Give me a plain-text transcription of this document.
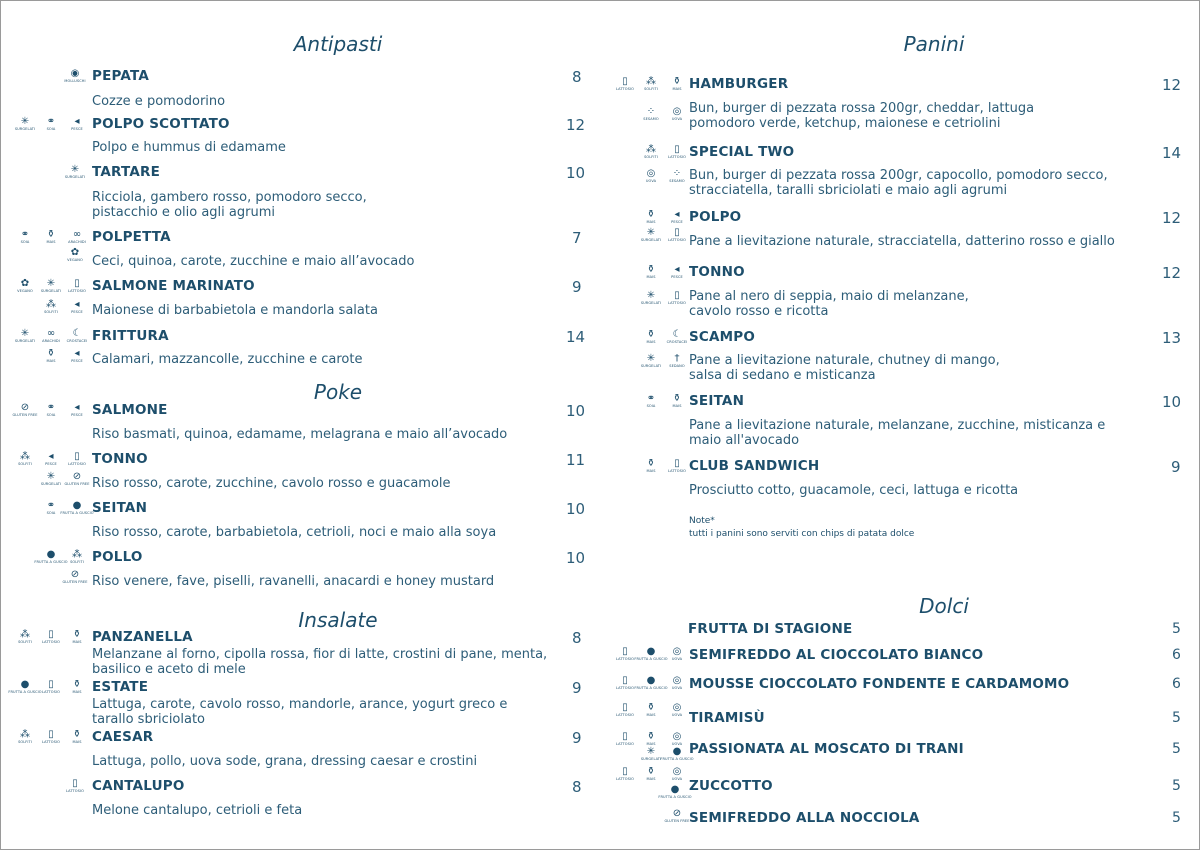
Antipasti
◉
MOLLUSCHI PEPATA	8
Cozze e pomodorino
✳
SURGELATI
⚭
SOIA
◂
PESCE POLPO SCOTTATO	12
Polpo e hummus di edamame
✳
SURGELATI TARTARE	10
Ricciola, gambero rosso, pomodoro secco,
pistacchio e olio agli agrumi
⚭
SOIA
⚱
MAIS
∞
ARACHIDI
✿
VEGANO
POLPETTA	7
Ceci, quinoa, carote, zucchine e maio all’avocado
✿
VEGANO
✳
SURGELATI
▯
LATTOSIO
⁂
SOLFITI
◂
PESCE
SALMONE MARINATO	9
Maionese di barbabietola e mandorla salata
✳
SURGELATI
∞
ARACHIDI
☾
CROSTACEI
⚱
MAIS
◂
PESCE
FRITTURA	14
Calamari, mazzancolle, zucchine e carote
Poke
⊘
GLUTEN FREE
⚭
SOIA
◂
PESCE SALMONE	10
Riso basmati, quinoa, edamame, melagrana e maio all’avocado
⁂
SOLFITI
◂
PESCE
▯
LATTOSIO
✳
SURGELATI
⊘
GLUTEN FREE
TONNO	11
Riso rosso, carote, zucchine, cavolo rosso e guacamole
⚭
SOIA
●
FRUTTA A GUSCIO
SEITAN	10
Riso rosso, carote, barbabietola, cetrioli, noci e maio alla soya
●
FRUTTA A GUSCIO
⁂
SOLFITI
⊘
GLUTEN FREE
POLLO	10
Riso venere, fave, piselli, ravanelli, anacardi e honey mustard
Insalate
⁂
SOLFITI
▯
LATTOSIO
⚱
MAIS PANZANELLA	8
Melanzane al forno, cipolla rossa, fior di latte, crostini di pane, menta,
basilico e aceto di mele
●
FRUTTA A GUSCIO
▯
LATTOSIO
⚱
MAIS ESTATE	9
Lattuga, carote, cavolo rosso, mandorle, arance, yogurt greco e
tarallo sbriciolato
⁂
SOLFITI
▯
LATTOSIO
⚱
MAIS CAESAR	9
Lattuga, pollo, uova sode, grana, dressing caesar e crostini
▯
LATTOSIO CANTALUPO	8
Melone cantalupo, cetrioli e feta
Panini
▯
LATTOSIO
⁂
SOLFITI
⚱
MAIS
⁘
SESAMO
◎
UOVA
HAMBURGER	12
Bun, burger di pezzata rossa 200gr, cheddar, lattuga
pomodoro verde, ketchup, maionese e cetriolini
⁂
SOLFITI
▯
LATTOSIO
◎
UOVA
⁘
SESAMO
SPECIAL TWO	14
Bun, burger di pezzata rossa 200gr, capocollo, pomodoro secco,
stracciatella, taralli sbriciolati e maio agli agrumi
⚱
MAIS
◂
PESCE
✳
SURGELATI
▯
LATTOSIO
POLPO	12
Pane a lievitazione naturale, stracciatella, datterino rosso e giallo
⚱
MAIS
◂
PESCE
✳
SURGELATI
▯
LATTOSIO
TONNO	12
Pane al nero di seppia, maio di melanzane,
cavolo rosso e ricotta
⚱
MAIS
☾
CROSTACEI
✳
SURGELATI
†
SEDANO
SCAMPO	13
Pane a lievitazione naturale, chutney di mango,
salsa di sedano e misticanza
⚭
SOIA
⚱
MAIS SEITAN	10
Pane a lievitazione naturale, melanzane, zucchine, misticanza e
maio all'avocado
⚱
MAIS
▯
LATTOSIO CLUB SANDWICH	9
Prosciutto cotto, guacamole, ceci, lattuga e ricotta
Note*
tutti i panini sono serviti con chips di patata dolce
Dolci
FRUTTA DI STAGIONE	5
▯
LATTOSIO
●
FRUTTA A GUSCIO
◎
UOVA SEMIFREDDO AL CIOCCOLATO BIANCO	6
▯
LATTOSIO
●
FRUTTA A GUSCIO
◎
UOVA MOUSSE CIOCCOLATO FONDENTE E CARDAMOMO	6
▯
LATTOSIO
⚱
MAIS
◎
UOVA TIRAMISÙ	5
▯
LATTOSIO
⚱
MAIS
◎
UOVA
✳
SURGELATI
●
FRUTTA A GUSCIO
PASSIONATA AL MOSCATO DI TRANI	5
▯
LATTOSIO
⚱
MAIS
◎
UOVA
●
FRUTTA A GUSCIO
ZUCCOTTO	5
⊘
GLUTEN FREE SEMIFREDDO ALLA NOCCIOLA	5
